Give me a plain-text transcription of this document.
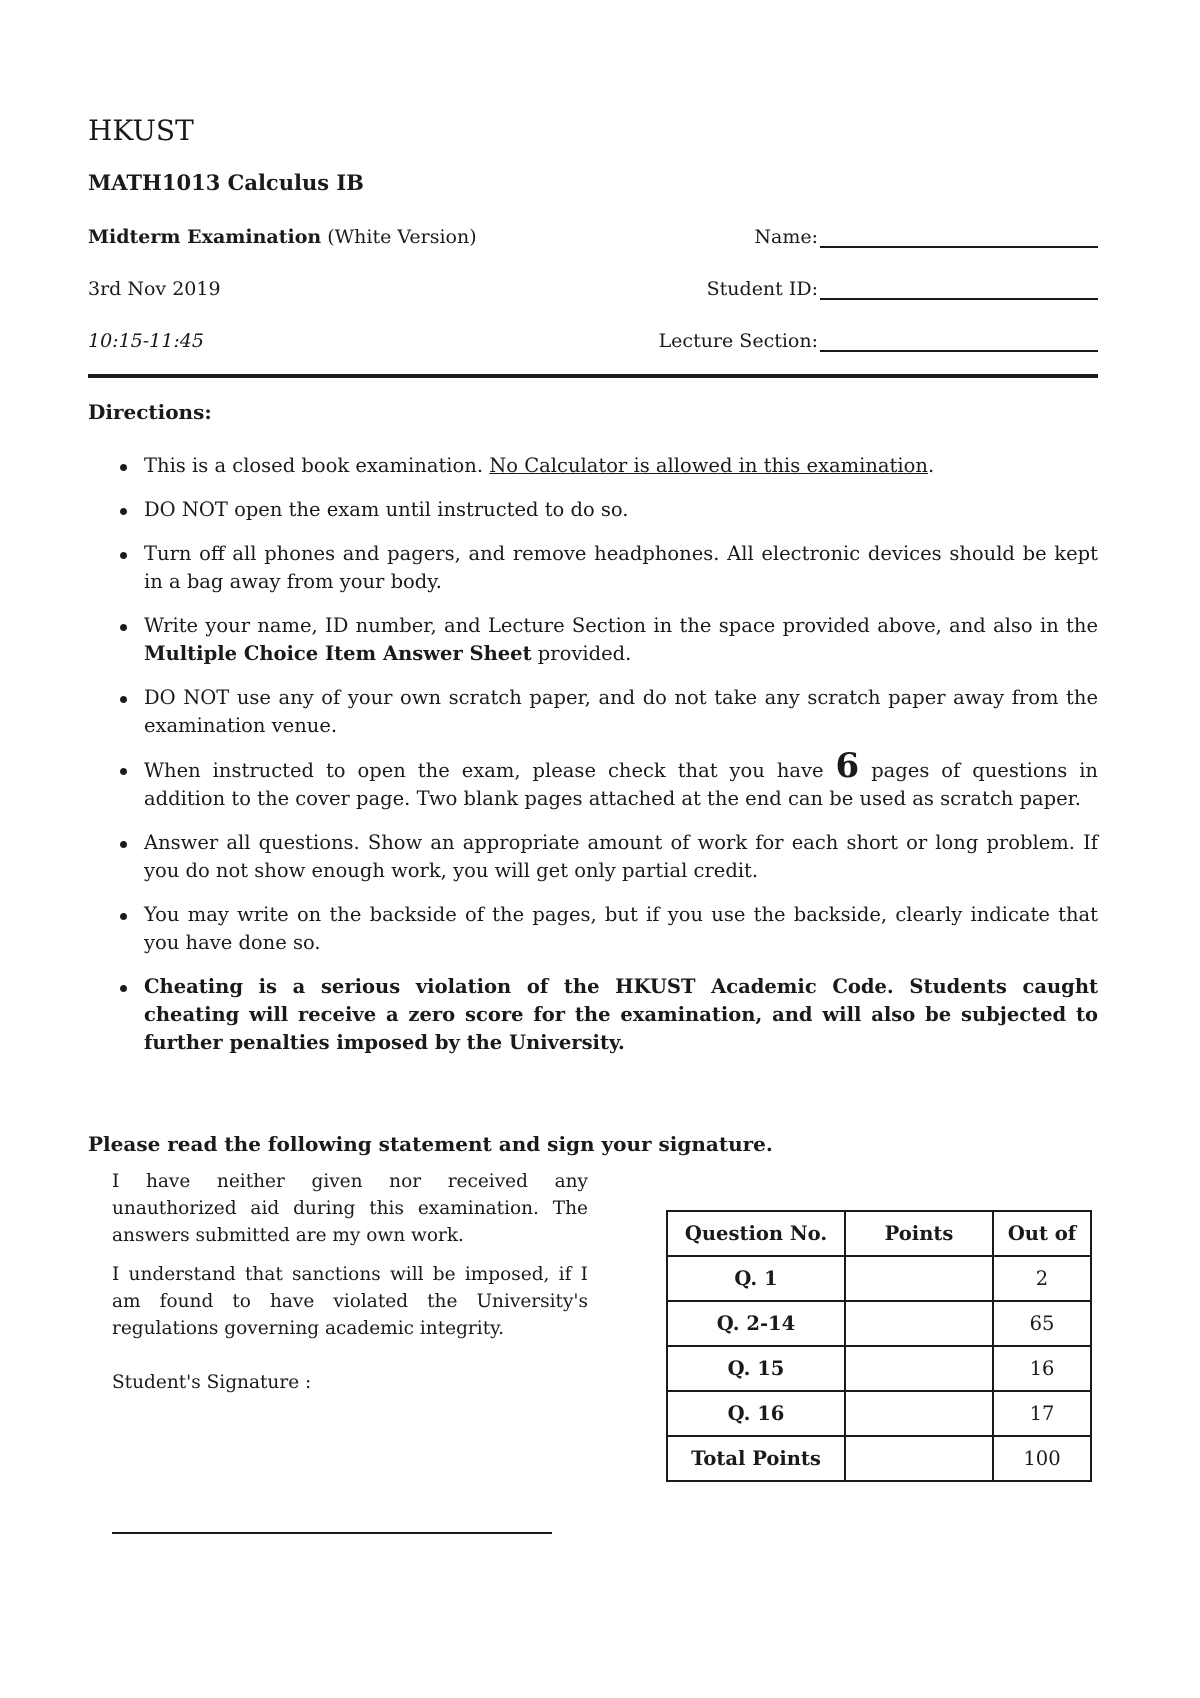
HKUST
MATH1013 Calculus IB
Midterm Examination (White Version)	Name:
3rd Nov 2019	Student ID:
10:15-11:45	Lecture Section:
Directions:
This is a closed book examination. No Calculator is allowed in this examination.
DO NOT open the exam until instructed to do so.
Turn off all phones and pagers, and remove headphones. All electronic devices should be kept in a bag away from your body.
Write your name, ID number, and Lecture Section in the space provided above, and also in the Multiple Choice Item Answer Sheet provided.
DO NOT use any of your own scratch paper, and do not take any scratch paper away from the examination venue.
When instructed to open the exam, please check that you have 6 pages of questions in addition to the cover page. Two blank pages attached at the end can be used as scratch paper.
Answer all questions. Show an appropriate amount of work for each short or long problem. If you do not show enough work, you will get only partial credit.
You may write on the backside of the pages, but if you use the backside, clearly indicate that you have done so.
Cheating is a serious violation of the HKUST Academic Code. Students caught cheating will receive a zero score for the examination, and will also be subjected to further penalties imposed by the University.
Please read the following statement and sign your signature.

I have neither given nor received any unauthorized aid during this examination. The answers submitted are my own work.

I understand that sanctions will be imposed, if I am found to have violated the University's regulations governing academic integrity.

Student's Signature :
Question No.	Points	Out of
Q. 1		2
Q. 2-14		65
Q. 15		16
Q. 16		17
Total Points		100
